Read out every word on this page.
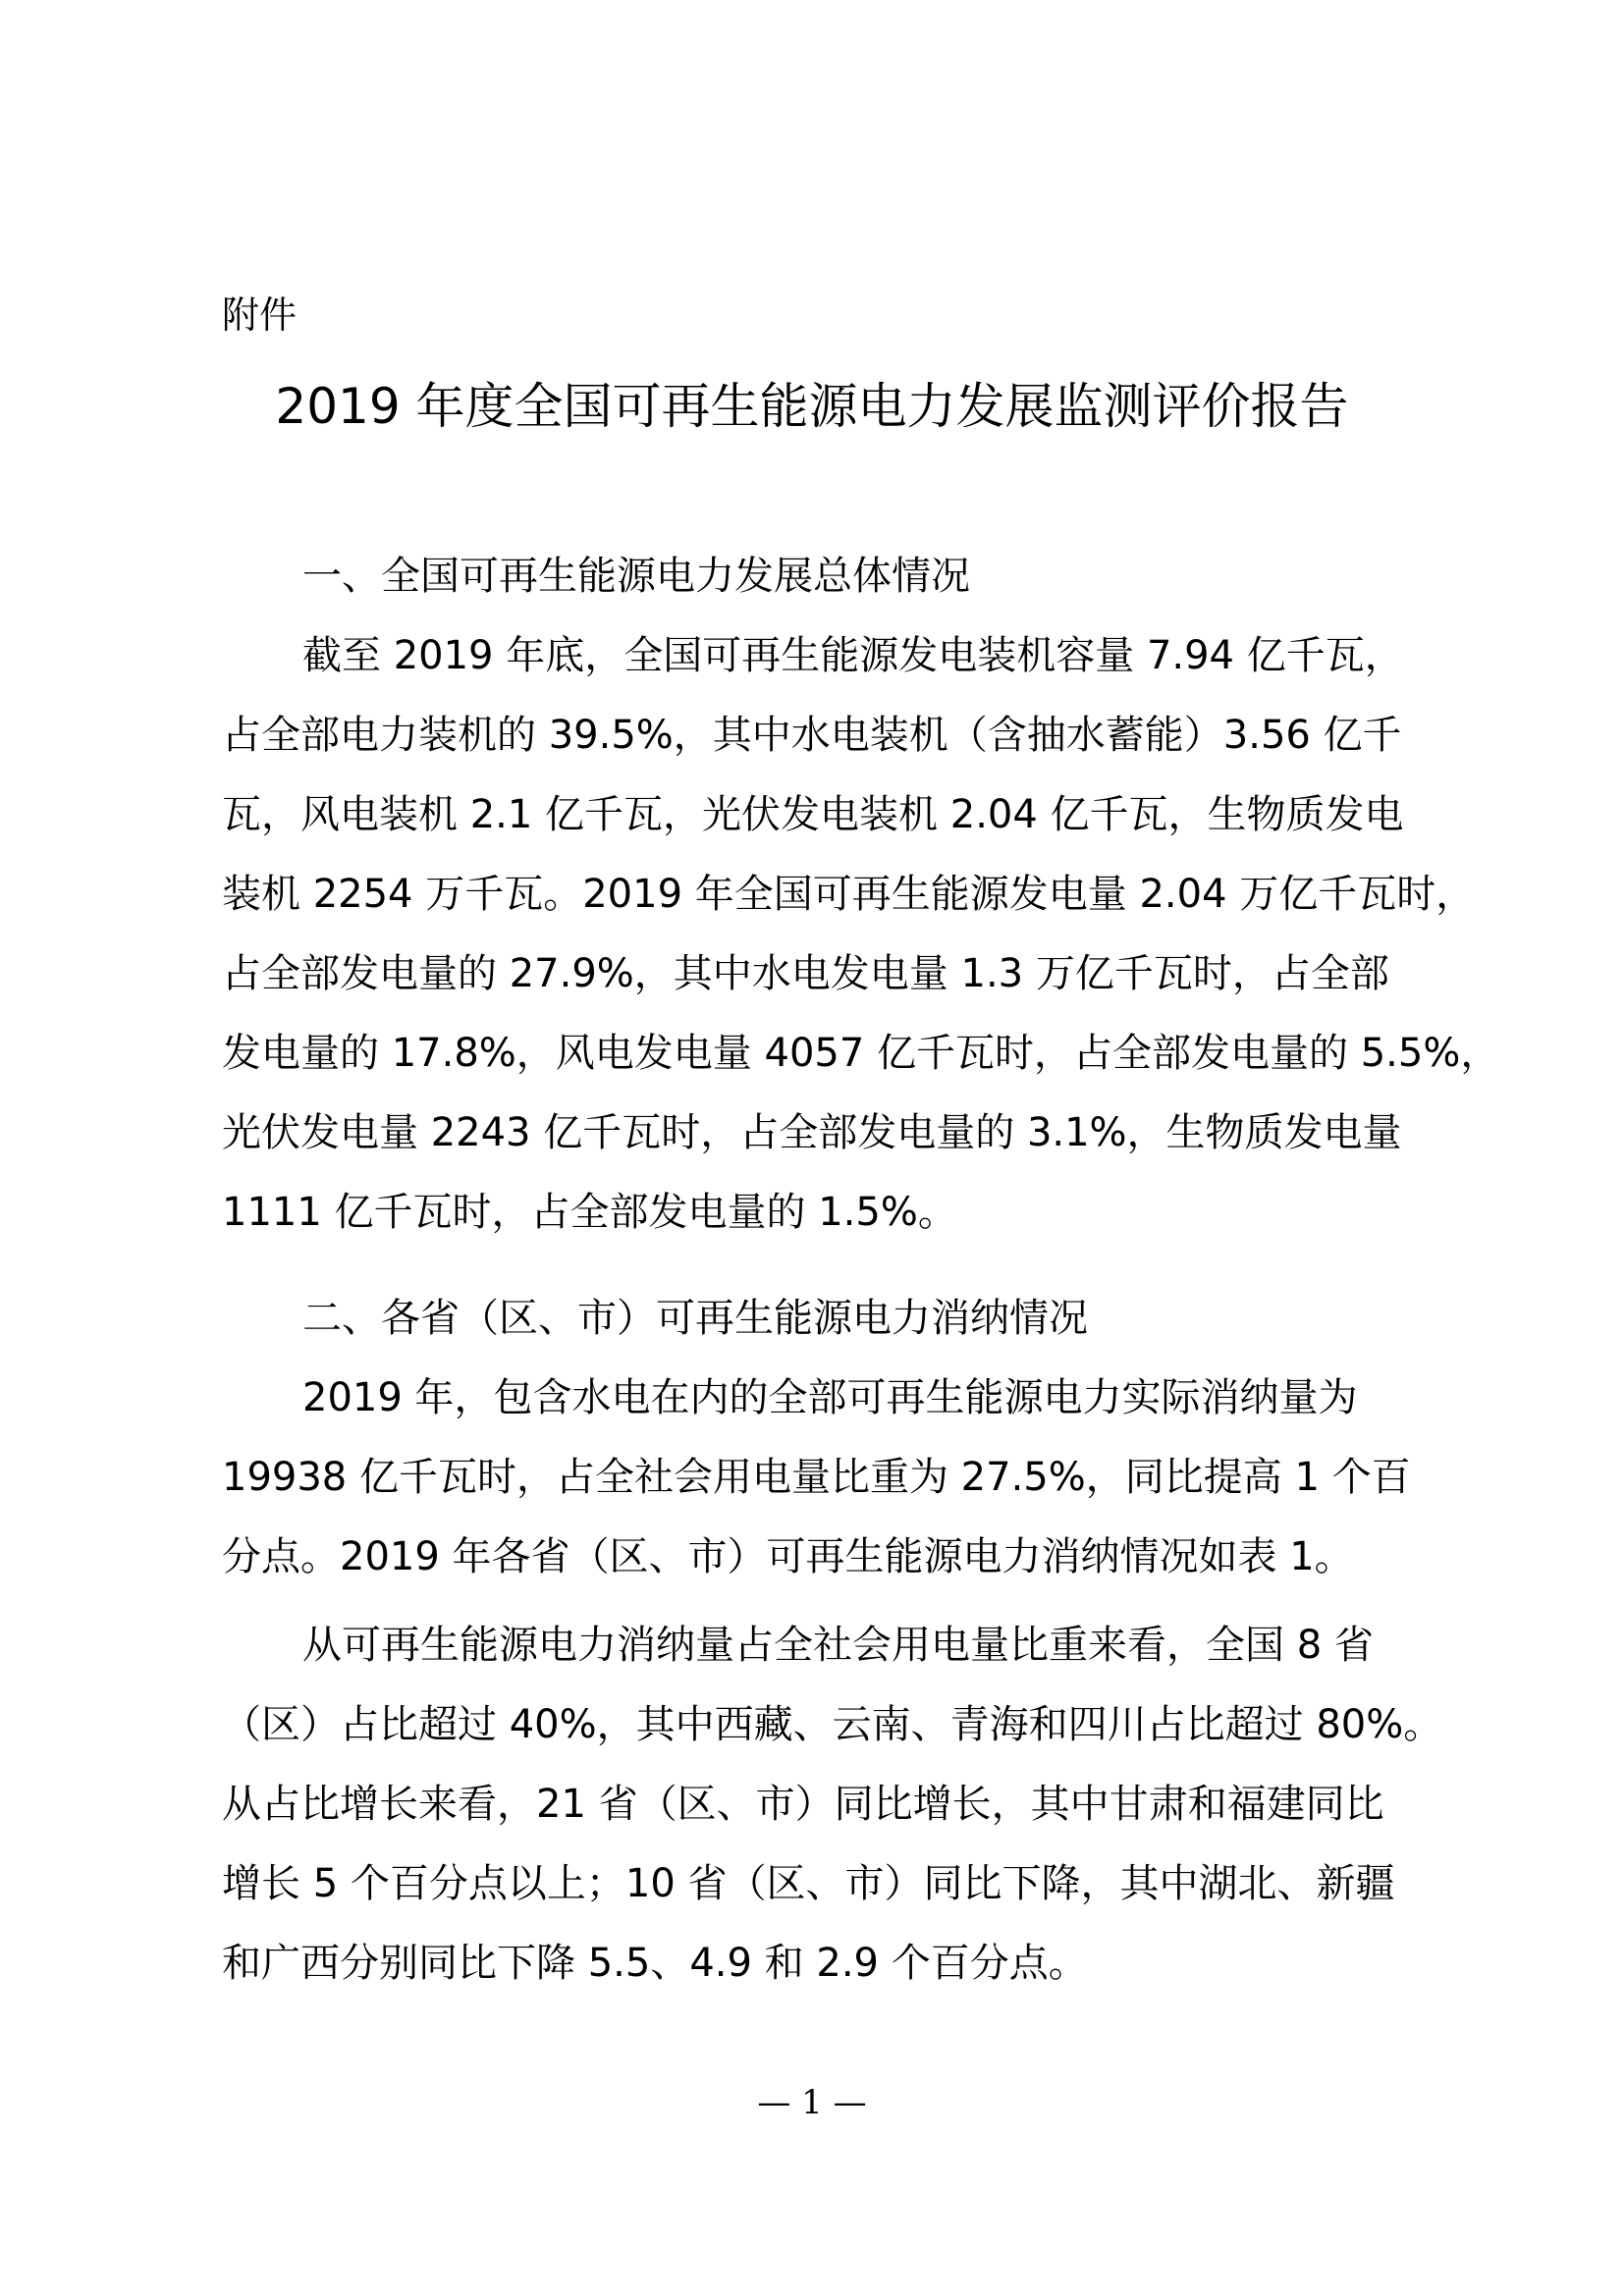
附件
2019 年度全国可再生能源电力发展监测评价报告
一、全国可再生能源电力发展总体情况
截至 2019 年底，全国可再生能源发电装机容量 7.94 亿千瓦，
占全部电力装机的 39.5%，其中水电装机（含抽水蓄能）3.56 亿千
瓦，风电装机 2.1 亿千瓦，光伏发电装机 2.04 亿千瓦，生物质发电
装机 2254 万千瓦。2019 年全国可再生能源发电量 2.04 万亿千瓦时，
占全部发电量的 27.9%，其中水电发电量 1.3 万亿千瓦时，占全部
发电量的 17.8%，风电发电量 4057 亿千瓦时，占全部发电量的 5.5%，
光伏发电量 2243 亿千瓦时，占全部发电量的 3.1%，生物质发电量
1111 亿千瓦时，占全部发电量的 1.5%。
二、各省（区、市）可再生能源电力消纳情况
2019 年，包含水电在内的全部可再生能源电力实际消纳量为
19938 亿千瓦时，占全社会用电量比重为 27.5%，同比提高 1 个百
分点。2019 年各省（区、市）可再生能源电力消纳情况如表 1。
从可再生能源电力消纳量占全社会用电量比重来看，全国 8 省
（区）占比超过 40%，其中西藏、云南、青海和四川占比超过 80%。
从占比增长来看，21 省（区、市）同比增长，其中甘肃和福建同比
增长 5 个百分点以上；10 省（区、市）同比下降，其中湖北、新疆
和广西分别同比下降 5.5、4.9 和 2.9 个百分点。
— 1 —
